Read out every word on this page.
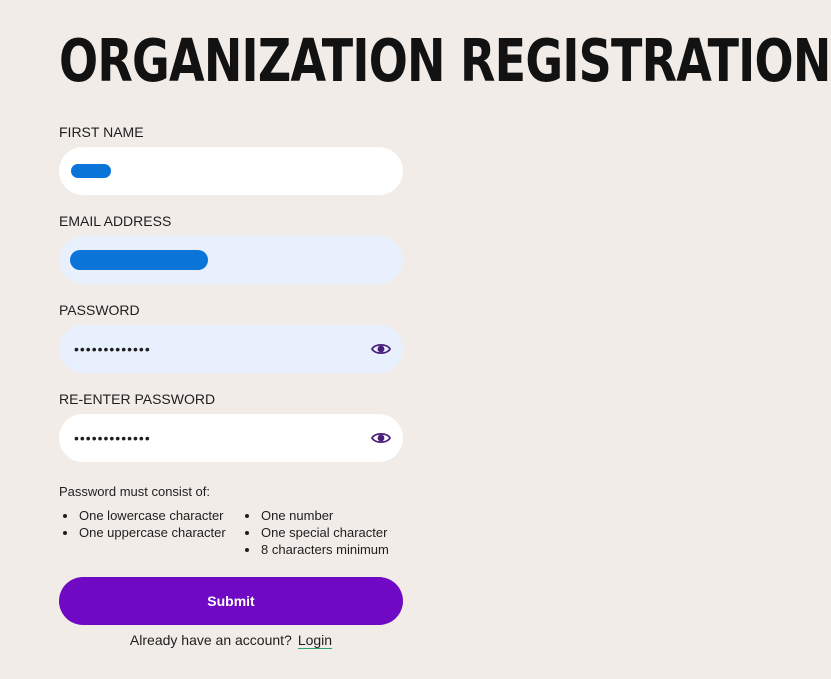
ORGANIZATION REGISTRATION
FIRST NAME
EMAIL ADDRESS
PASSWORD
•••••••••••••
RE-ENTER PASSWORD
•••••••••••••
Password must consist of:
One lowercase character
One uppercase character
One number
One special character
8 characters minimum
Submit
Already have an account? Login
